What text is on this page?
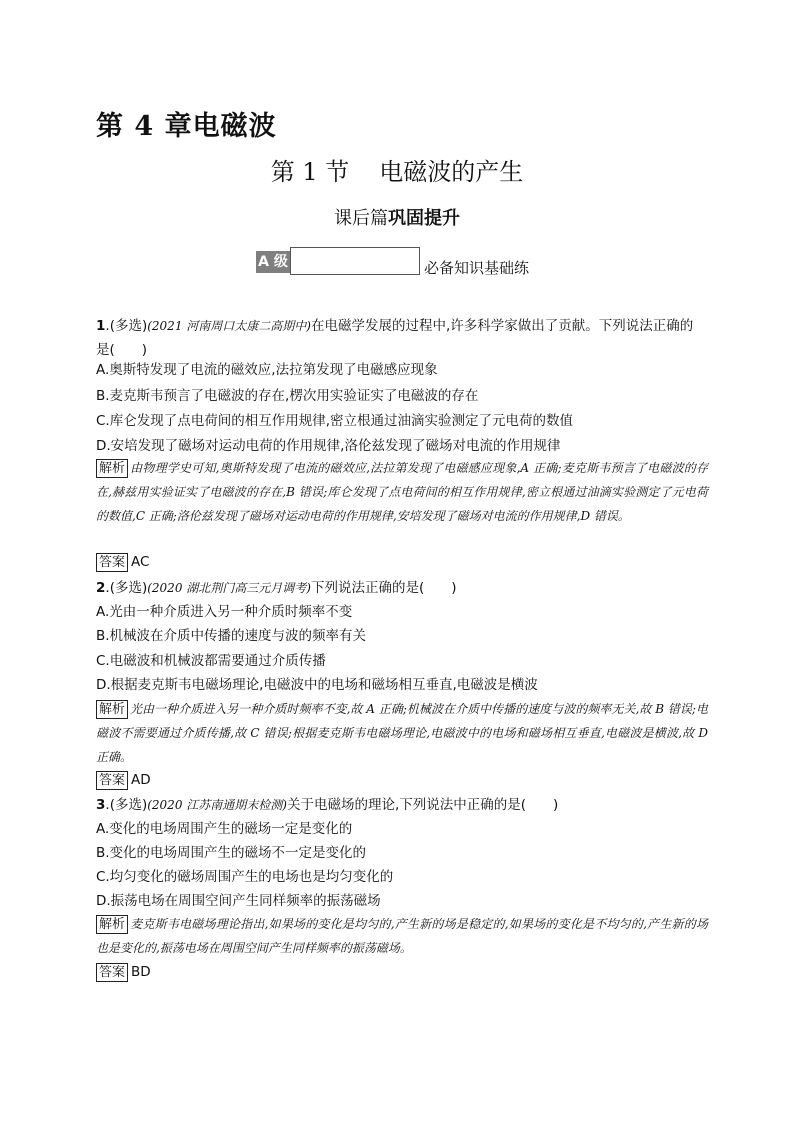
第 4 章电磁波
第 1 节 电磁波的产生
课后篇巩固提升
A 级	必备知识基础练
1.(多选)(2021 河南周口太康二高期中)在电磁学发展的过程中,许多科学家做出了贡献。下列说法正确的是(　　)
A.奥斯特发现了电流的磁效应,法拉第发现了电磁感应现象
B.麦克斯韦预言了电磁波的存在,楞次用实验证实了电磁波的存在
C.库仑发现了点电荷间的相互作用规律,密立根通过油滴实验测定了元电荷的数值
D.安培发现了磁场对运动电荷的作用规律,洛伦兹发现了磁场对电流的作用规律
解析 由物理学史可知,奥斯特发现了电流的磁效应,法拉第发现了电磁感应现象,A 正确;麦克斯韦预言了电磁波的存在,赫兹用实验证实了电磁波的存在,B 错误;库仑发现了点电荷间的相互作用规律,密立根通过油滴实验测定了元电荷的数值,C 正确;洛伦兹发现了磁场对运动电荷的作用规律,安培发现了磁场对电流的作用规律,D 错误。
答案 AC
2.(多选)(2020 湖北荆门高三元月调考)下列说法正确的是(　　)
A.光由一种介质进入另一种介质时频率不变
B.机械波在介质中传播的速度与波的频率有关
C.电磁波和机械波都需要通过介质传播
D.根据麦克斯韦电磁场理论,电磁波中的电场和磁场相互垂直,电磁波是横波
解析 光由一种介质进入另一种介质时频率不变,故 A 正确;机械波在介质中传播的速度与波的频率无关,故 B 错误;电磁波不需要通过介质传播,故 C 错误;根据麦克斯韦电磁场理论,电磁波中的电场和磁场相互垂直,电磁波是横波,故 D 正确。
答案 AD
3.(多选)(2020 江苏南通期末检测)关于电磁场的理论,下列说法中正确的是(　　)
A.变化的电场周围产生的磁场一定是变化的
B.变化的电场周围产生的磁场不一定是变化的
C.均匀变化的磁场周围产生的电场也是均匀变化的
D.振荡电场在周围空间产生同样频率的振荡磁场
解析 麦克斯韦电磁场理论指出,如果场的变化是均匀的,产生新的场是稳定的,如果场的变化是不均匀的,产生新的场也是变化的,振荡电场在周围空间产生同样频率的振荡磁场。
答案 BD
